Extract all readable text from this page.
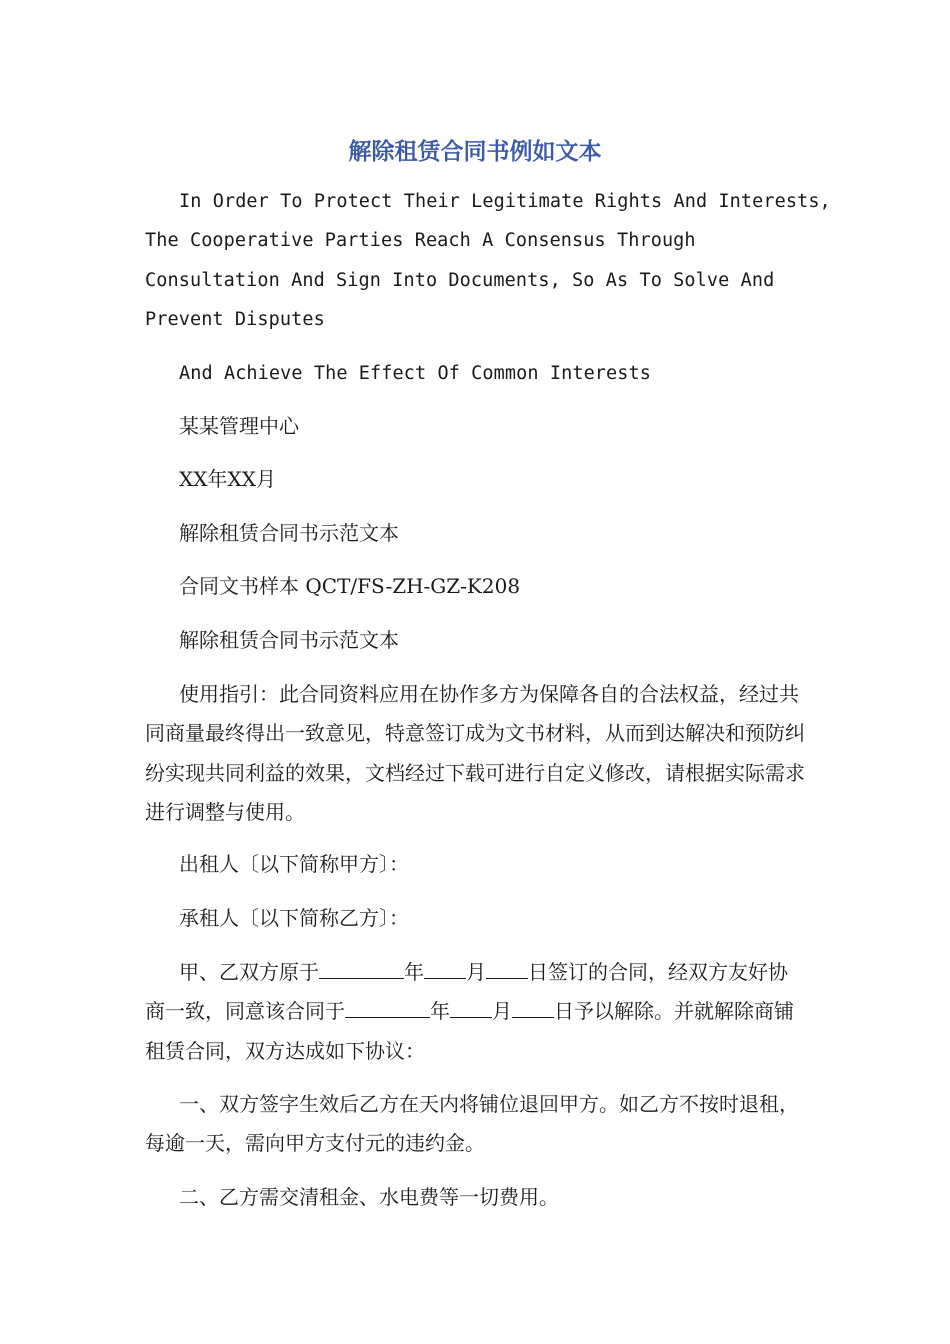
解除租赁合同书例如文本
In Order To Protect Their Legitimate Rights And Interests,
The Cooperative Parties Reach A Consensus Through
Consultation And Sign Into Documents, So As To Solve And
Prevent Disputes

And Achieve The Effect Of Common Interests

某某管理中心

XX年XX月

解除租赁合同书示范文本

合同文书样本 QCT/FS-ZH-GZ-K208

解除租赁合同书示范文本

使用指引：此合同资料应用在协作多方为保障各自的合法权益，经过共同商量最终得出一致意见，特意签订成为文书材料，从而到达解决和预防纠纷实现共同利益的效果，文档经过下载可进行自定义修改，请根据实际需求进行调整与使用。

出租人〔以下简称甲方〕：

承租人〔以下简称乙方〕：

甲、乙双方原于	年 月 日签订的合同，经双方友好协商一致，同意该合同于	年 月 日予以解除。并就解除商铺租赁合同，双方达成如下协议：

一、双方签字生效后乙方在天内将铺位退回甲方。如乙方不按时退租，每逾一天，需向甲方支付元的违约金。

二、乙方需交清租金、水电费等一切费用。
